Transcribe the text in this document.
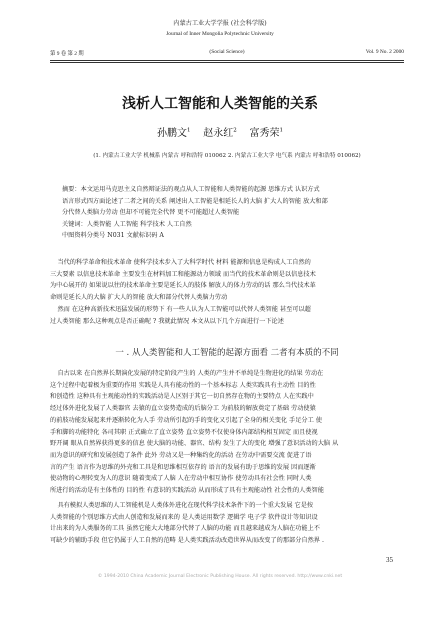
内蒙古工业大学学报 (社会科学版)
Journal of Inner Mongolia Polytechnic University
第 9 卷 第 2 期	(Social Science)	Vol. 9 No. 2 2000
浅析人工智能和人类智能的关系
孙鹏文$^1$ 赵永红$^2$ 富秀荣$^1$
(1. 内蒙古工业大学 机械系 内蒙古 呼和浩特 010062 2. 内蒙古工业大学 电气系 内蒙古 呼和浩特 010062)
摘要：本文运用马克思主义自然辩证法的观点从人工智能和人类智能的起源 思维方式 认识方式
语言形式四方面论述了二者之间的关系 阐述出人工智能是相延长人的大脑 扩大人的智能 放大和部
分代替人类脑力劳动 但却不可能完全代替 更不可能超过人类智能
关键词：人类智能 人工智能 科学技术 人工自然
中图资料分类号 N031 文献标识码 A
当代的科学革命和技术革命 使科学技术步入了大科学时代 材料 能源和信息是构成人工自然的
三大要素 以信息技术革命 主要发生在材料加工和能源动力领域 而当代的技术革命则是以信息技术
为中心展开的 如果说以往的技术革命主要是延长人的肢体 解放人的体力劳动的话 那么当代技术革
命则是延长人的大脑 扩大人的智能 放大和部分代替人类脑力劳动
然而 在这种高新技术迅猛发展的形势下 有一些人认为人工智能可以代替人类智能 甚至可以超
过人类智能 那么这种观点是否正确呢 ? 我就此情况 本文从以下几个方面进行一下论述
一 . 从人类智能和人工智能的起源方面看 二者有本质的不同
自古以来 在自然界长期演化发展的特定阶段产生的 人类的产生并不单纯是生物进化的结果 劳动在
这个过程中起着极为重要的作用 实践是人具有能动性的一个基本标志 人类实践具有主动性 目的性
和创造性 这种具有主观能动性的实践活动是人区别于其它一切自然存在物的主要特点 人在实践中
经过体外进化发展了人类器官 去猿的直立姿势造成的后脑分工 为前肢的解放奠定了基础 劳动使猿
的前肢功能发展起来并逐渐转化为人手 劳动所引起的手的变化又引起了全身的相关变化 手足分工 使
手和脚的功能特化 各司其职 正式确立了直立姿势 直立姿势不仅使身体内部结构相互固定 而且使视
野开阔 眼从自然界获得更多的信息 使大脑的功能、器官、结构 发生了大的变化 增强了意识活动的大脑 从
而为意识的研究和发展创造了条件 此外 劳动又是一种集约化的活动 在劳动中需要交流 促进了语
言的产生 语言作为思维的外壳和工具是和思维相互依存的 语言的发展有助于思维的发展 因而逐渐
使动物的心理转变为人的意识 随着变成了人脑 人在劳动中相互协作 使劳动具有社会性 同时人类
所进行的活动是有主体性的 目的性 有意识的实践活动 从而形成了具有主观能动性 社会性的人类智能
具有模拟人类思维的人工智能机是人类体外进化在现代科学技术条件下的一个重大发展 它是按
人类智能的个别思维方式由人创造和发展而来的 是人类运用数学 逻辑学 电子学 软件设计等知识设
计出来的为人类服务的工具 虽然它能大大地部分代替了人脑的功能 而且越来越成为人脑在功能上不
可缺少的辅助手段 但它仍属于人工自然的范畴 是人类实践活动改造世界从而改变了的那部分自然界 .
35
© 1994-2010 China Academic Journal Electronic Publishing House. All rights reserved. http://www.cnki.net
